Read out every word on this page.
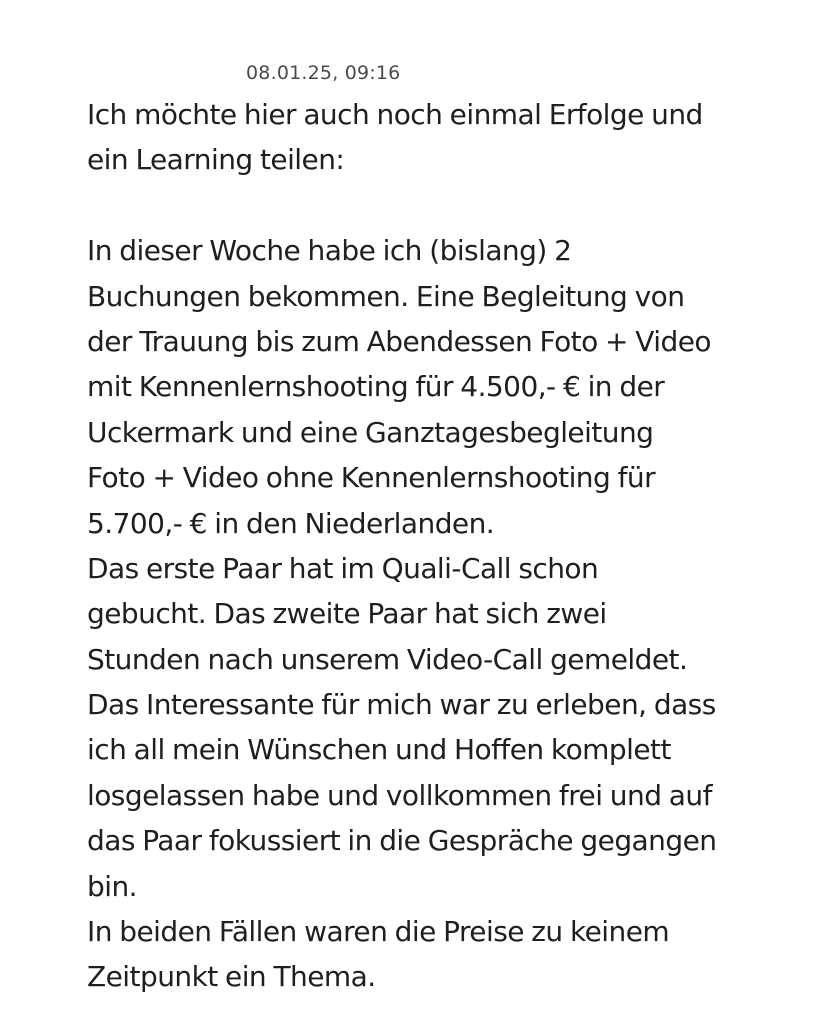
08.01.25, 09:16
Ich möchte hier auch noch einmal Erfolge und
ein Learning teilen:
In dieser Woche habe ich (bislang) 2
Buchungen bekommen. Eine Begleitung von
der Trauung bis zum Abendessen Foto + Video
mit Kennenlernshooting für 4.500,- € in der
Uckermark und eine Ganztagesbegleitung
Foto + Video ohne Kennenlernshooting für
5.700,- € in den Niederlanden.
Das erste Paar hat im Quali-Call schon
gebucht. Das zweite Paar hat sich zwei
Stunden nach unserem Video-Call gemeldet.
Das Interessante für mich war zu erleben, dass
ich all mein Wünschen und Hoffen komplett
losgelassen habe und vollkommen frei und auf
das Paar fokussiert in die Gespräche gegangen
bin.
In beiden Fällen waren die Preise zu keinem
Zeitpunkt ein Thema.
